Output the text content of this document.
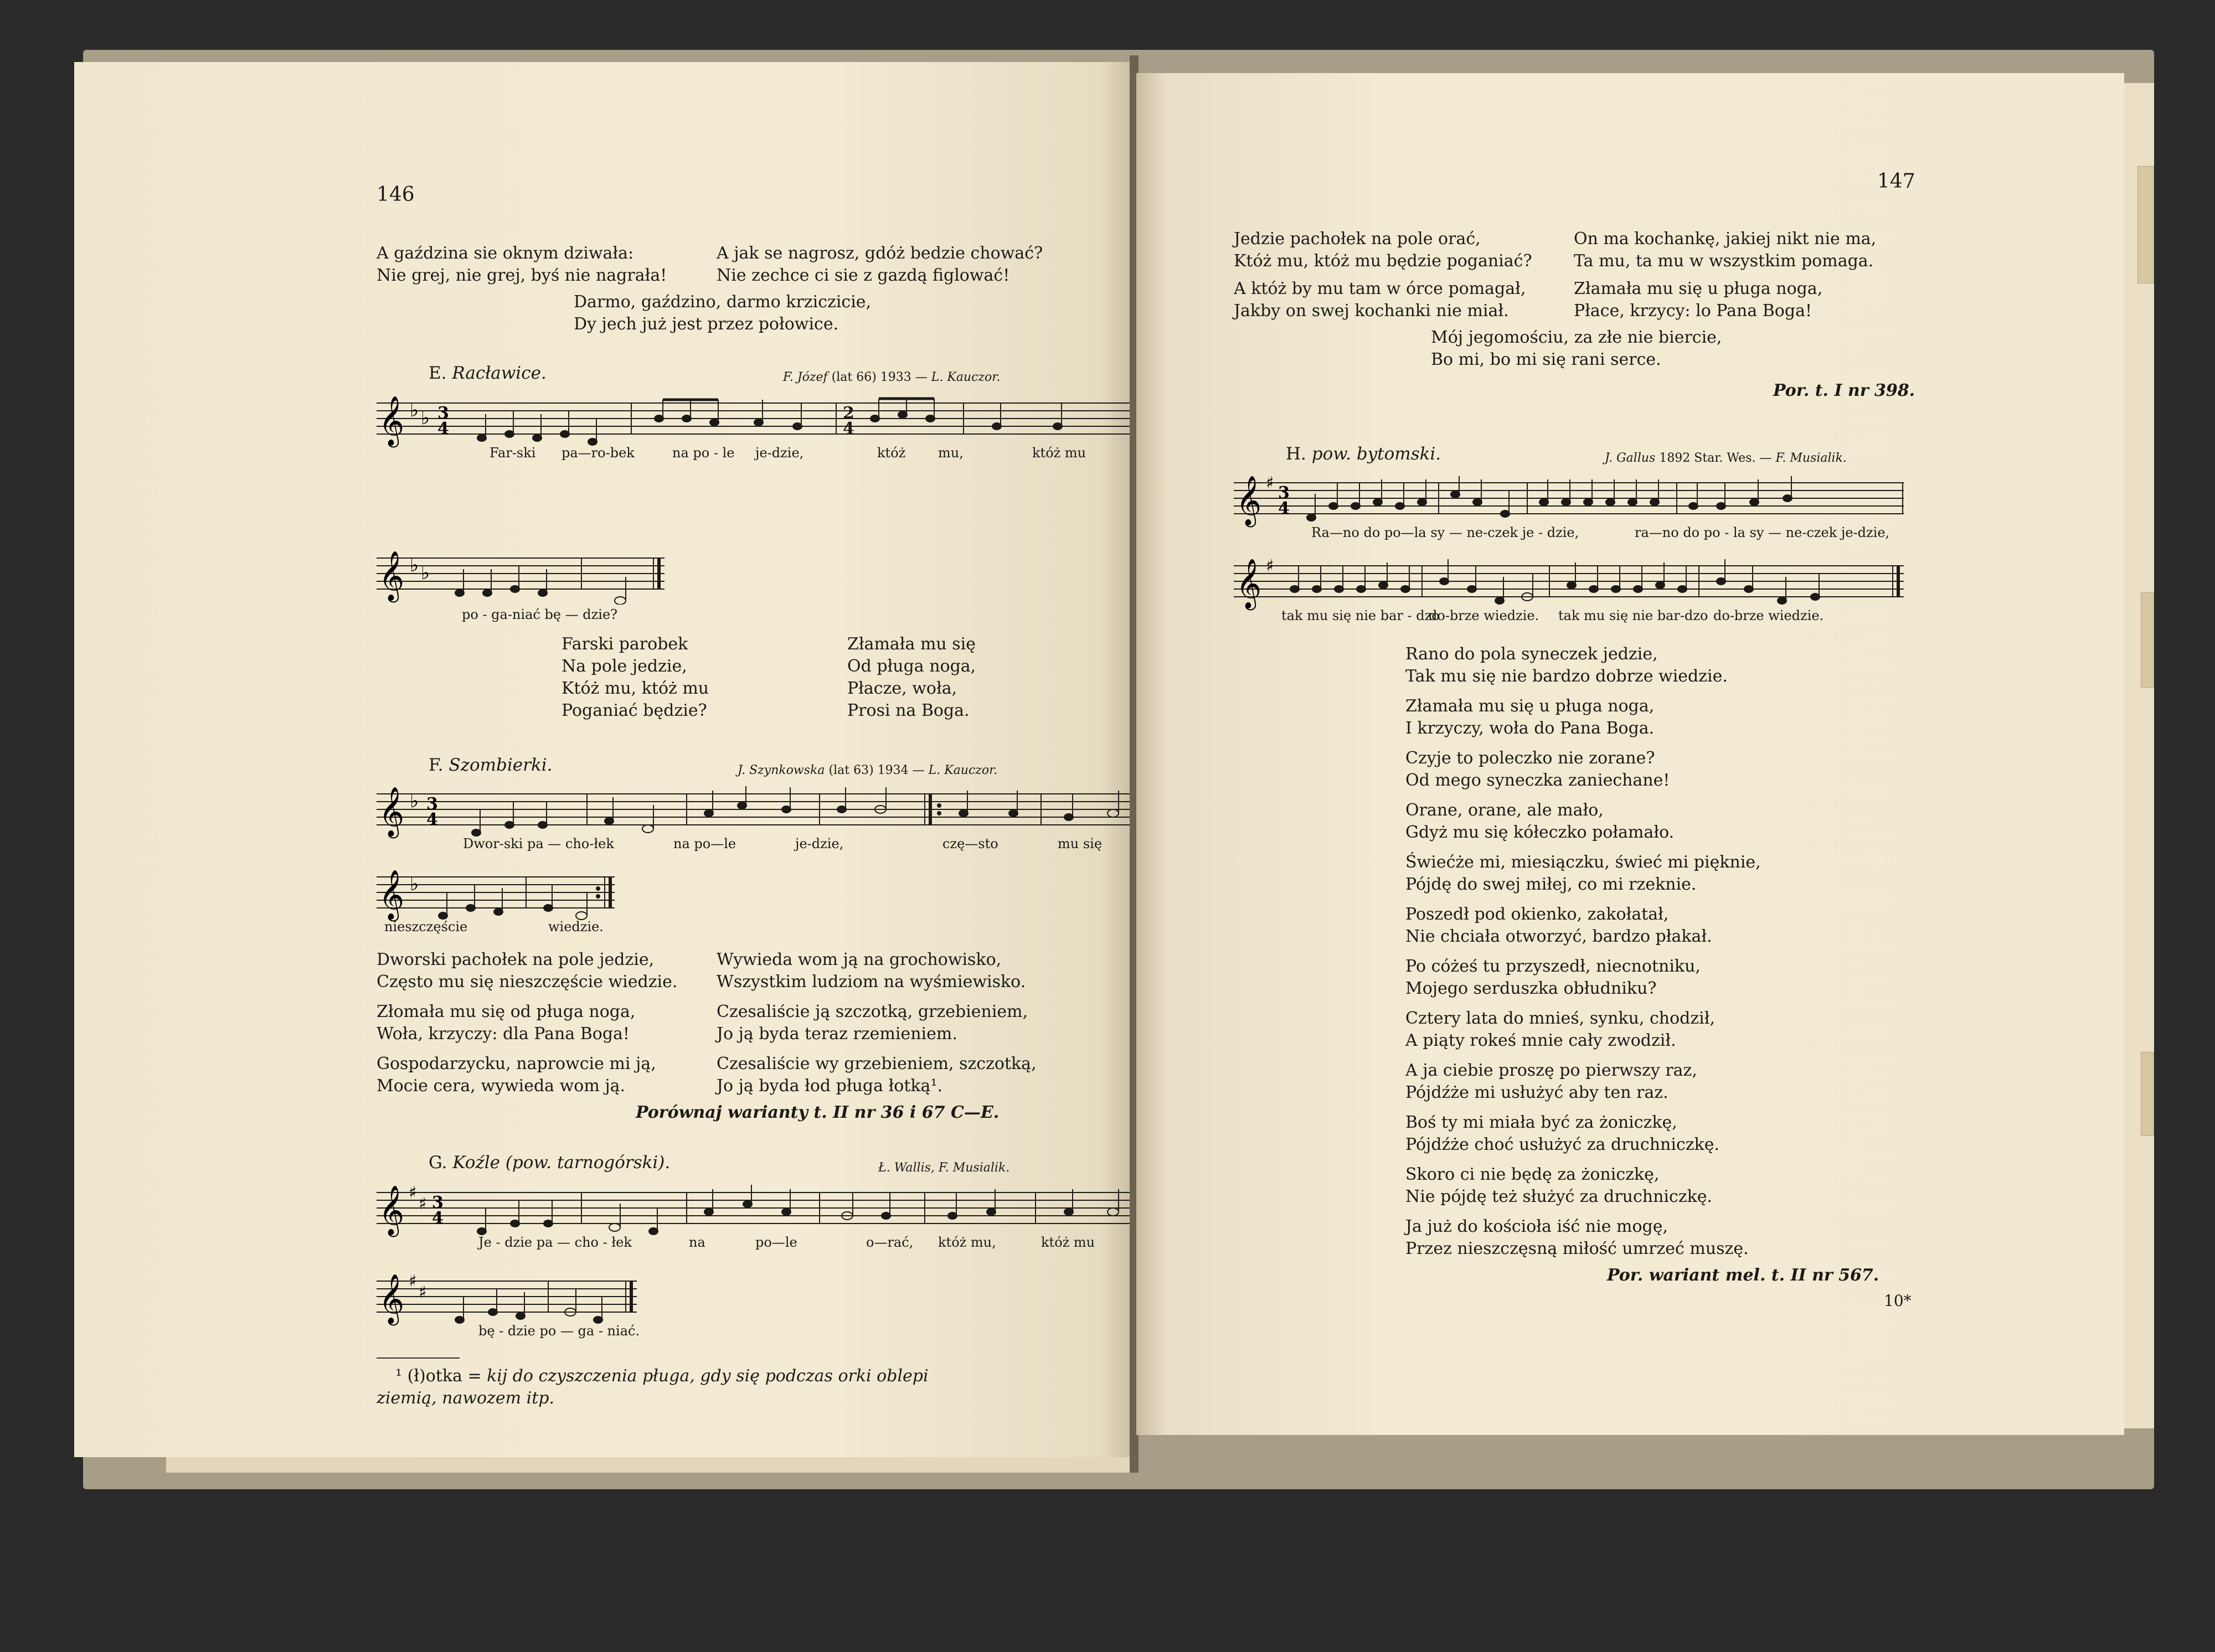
146
A gaździna sie oknym dziwała:
Nie grej, nie grej, byś nie nagrała!
A jak se nagrosz, gdóż bedzie chować?
Nie zechce ci sie z gazdą figlować!
Darmo, gaździno, darmo krziczicie,
Dy jech już jest przez połowice.
E. Racławice.	F. Józef (lat 66) 1933 — L. Kauczor.
𝄞 ♭ ♭ 3
4
2
4
Far-ski pa—ro-bek	na po - le je-dzie,	któż mu,	któż mu
𝄞 ♭ ♭
po - ga-niać bę — dzie?
Farski parobek
Na pole jedzie,
Któż mu, któż mu
Poganiać będzie?
Złamała mu się
Od pługa noga,
Płacze, woła,
Prosi na Boga.
F. Szombierki.	J. Szynkowska (lat 63) 1934 — L. Kauczor.
𝄞 ♭ 3
4
Dwor-ski pa — cho-łek	na po—le	je-dzie,	czę—sto	mu się
𝄞 ♭
nieszczęście	wiedzie.
Dworski pachołek na pole jedzie,
Często mu się nieszczęście wiedzie.
Wywieda wom ją na grochowisko,
Wszystkim ludziom na wyśmiewisko.
Złomała mu się od pługa noga,
Woła, krzyczy: dla Pana Boga!
Czesaliście ją szczotką, grzebieniem,
Jo ją byda teraz rzemieniem.
Gospodarzycku, naprowcie mi ją,
Mocie cera, wywieda wom ją.
Czesaliście wy grzebieniem, szczotką,
Jo ją byda łod pługa łotką¹.
Porównaj warianty t. II nr 36 i 67 C—E.
G. Koźle (pow. tarnogórski).	Ł. Wallis, F. Musialik.
𝄞 ♯
♯ 3
4
Je - dzie pa — cho - łek	na	po—le	o—rać, któż mu,	któż mu
𝄞 ♯
♯
bę - dzie po — ga - niać.
¹ (ł)otka = kij do czyszczenia pługa, gdy się podczas orki oblepi
ziemią, nawozem itp.
147
Jedzie pachołek na pole orać,
Któż mu, któż mu będzie poganiać?
A któż by mu tam w órce pomagał,
Jakby on swej kochanki nie miał.
On ma kochankę, jakiej nikt nie ma,
Ta mu, ta mu w wszystkim pomaga.
Złamała mu się u pługa noga,
Płace, krzycy: lo Pana Boga!
Mój jegomościu, za złe nie biercie,
Bo mi, bo mi się rani serce.
Por. t. I nr 398.
H. pow. bytomski.	J. Gallus 1892 Star. Wes. — F. Musialik.
𝄞 ♯
3
4
Ra—no do po—la sy — ne-czek je - dzie,	ra—no do po - la sy — ne-czek je-dzie,
𝄞 ♯
tak mu się nie bar - dzo
do-brze wiedzie. tak mu się nie bar-dzo do-brze wiedzie.
Rano do pola syneczek jedzie,
Tak mu się nie bardzo dobrze wiedzie.
Złamała mu się u pługa noga,
I krzyczy, woła do Pana Boga.
Czyje to poleczko nie zorane?
Od mego syneczka zaniechane!
Orane, orane, ale mało,
Gdyż mu się kółeczko połamało.
Świećże mi, miesiączku, świeć mi pięknie,
Pójdę do swej miłej, co mi rzeknie.
Poszedł pod okienko, zakołatał,
Nie chciała otworzyć, bardzo płakał.
Po cóżeś tu przyszedł, niecnotniku,
Mojego serduszka obłudniku?
Cztery lata do mnieś, synku, chodził,
A piąty rokeś mnie cały zwodził.
A ja ciebie proszę po pierwszy raz,
Pójdźże mi usłużyć aby ten raz.
Boś ty mi miała być za żoniczkę,
Pójdźże choć usłużyć za druchniczkę.
Skoro ci nie będę za żoniczkę,
Nie pójdę też służyć za druchniczkę.
Ja już do kościoła iść nie mogę,
Przez nieszczęsną miłość umrzeć muszę.
Por. wariant mel. t. II nr 567.
10*
